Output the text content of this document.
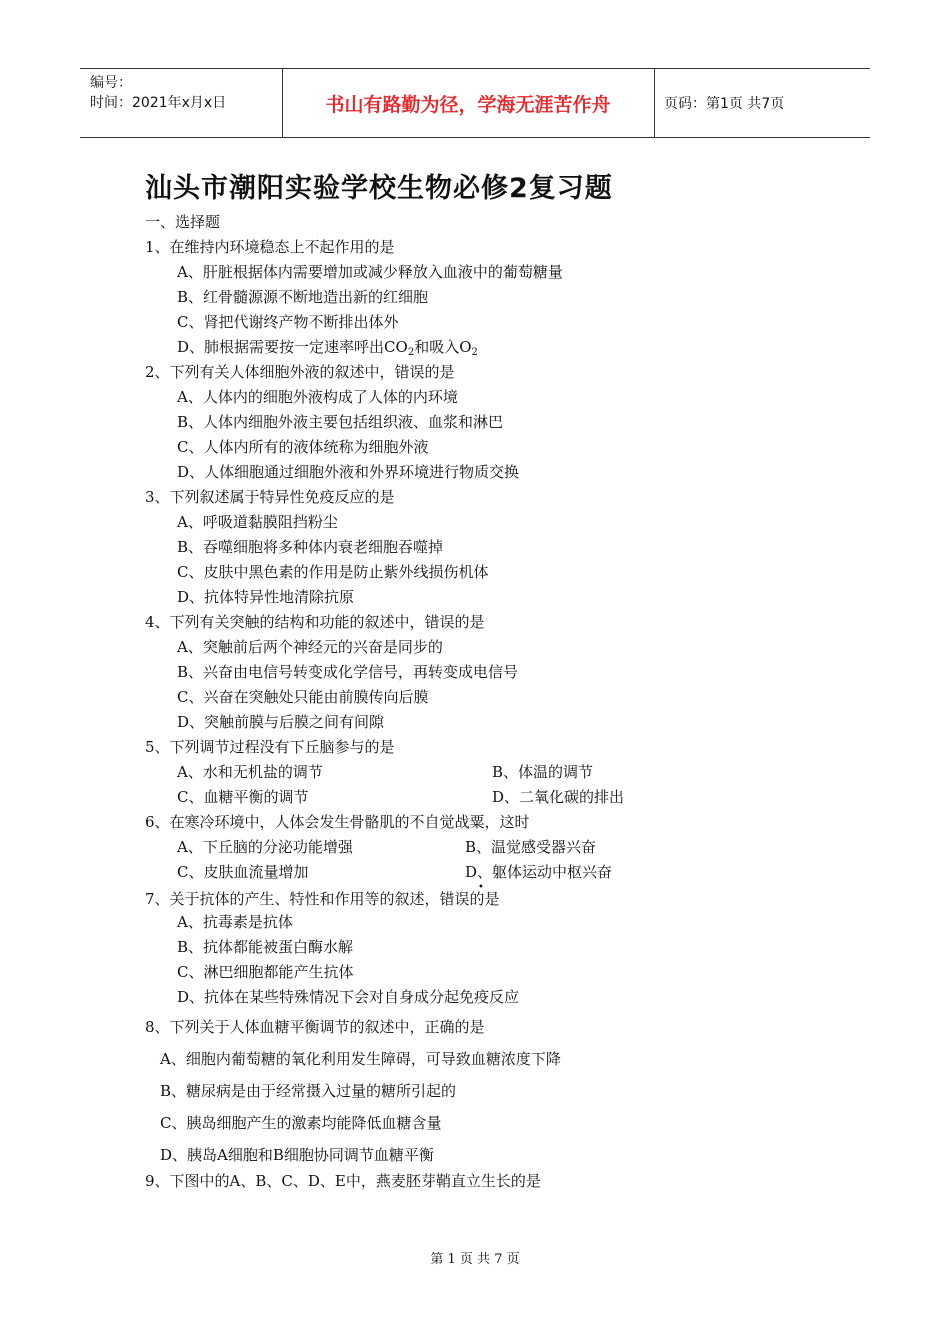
编号：
时间：2021年x月x日	书山有路勤为径，学海无涯苦作舟	页码：第1页 共7页
汕头市潮阳实验学校生物必修2复习题
一、选择题
1、在维持内环境稳态上不起作用的是
A、肝脏根据体内需要增加或减少释放入血液中的葡萄糖量
B、红骨髓源源不断地造出新的红细胞
C、肾把代谢终产物不断排出体外
D、肺根据需要按一定速率呼出$CO_2$和吸入$O_2$
2、下列有关人体细胞外液的叙述中，错误的是
A、人体内的细胞外液构成了人体的内环境
B、人体内细胞外液主要包括组织液、血浆和淋巴
C、人体内所有的液体统称为细胞外液
D、人体细胞通过细胞外液和外界环境进行物质交换
3、下列叙述属于特异性免疫反应的是
A、呼吸道黏膜阻挡粉尘
B、吞噬细胞将多种体内衰老细胞吞噬掉
C、皮肤中黑色素的作用是防止紫外线损伤机体
D、抗体特异性地清除抗原
4、下列有关突触的结构和功能的叙述中，错误的是
A、突触前后两个神经元的兴奋是同步的
B、兴奋由电信号转变成化学信号，再转变成电信号
C、兴奋在突触处只能由前膜传向后膜
D、突触前膜与后膜之间有间隙
5、下列调节过程没有下丘脑参与的是
A、水和无机盐的调节	B、体温的调节
C、血糖平衡的调节	D、二氧化碳的排出
6、在寒冷环境中，人体会发生骨骼肌的不自觉战粟，这时
A、下丘脑的分泌功能增强	B、温觉感受器兴奋
C、皮肤血流量增加	D、躯体运动中枢兴奋
•
7、关于抗体的产生、特性和作用等的叙述，错误的是
A、抗毒素是抗体
B、抗体都能被蛋白酶水解
C、淋巴细胞都能产生抗体
D、抗体在某些特殊情况下会对自身成分起免疫反应
8、下列关于人体血糖平衡调节的叙述中，正确的是
A、细胞内葡萄糖的氧化利用发生障碍，可导致血糖浓度下降
B、糖尿病是由于经常摄入过量的糖所引起的
C、胰岛细胞产生的激素均能降低血糖含量
D、胰岛A细胞和B细胞协同调节血糖平衡
9、下图中的A、B、C、D、E中，燕麦胚芽鞘直立生长的是
第 1 页 共 7 页
